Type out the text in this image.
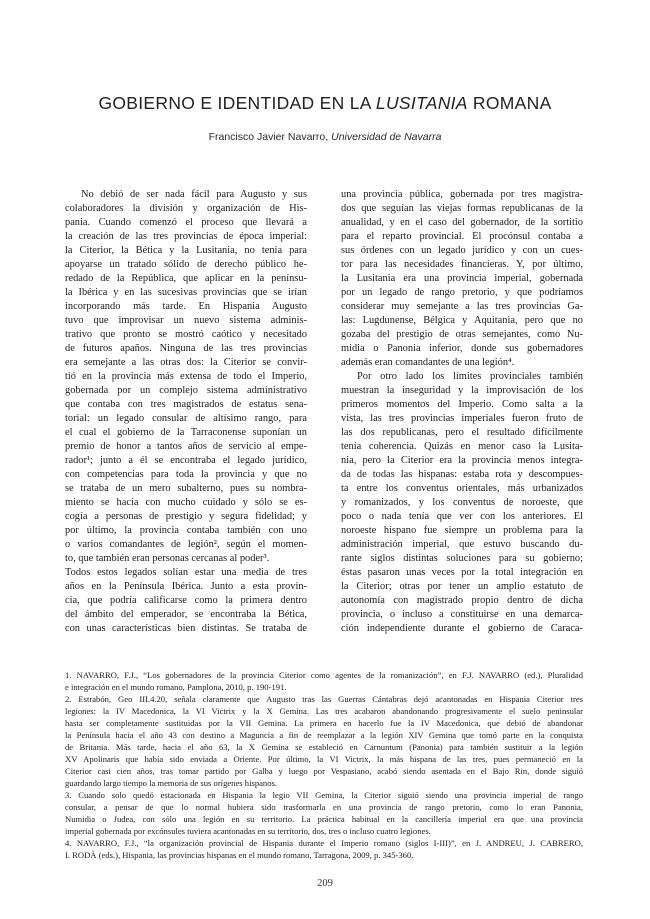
GOBIERNO E IDENTIDAD EN LA LUSITANIA ROMANA
Francisco Javier Navarro, Universidad de Navarra
No debió de ser nada fácil para Augusto y sus
colaboradores la división y organización de His-
pania. Cuando comenzó el proceso que llevará a
la creación de las tres provincias de época imperial:
la Citerior, la Bética y la Lusitania, no tenía para
apoyarse un tratado sólido de derecho público he-
redado de la República, que aplicar en la penínsu-
la Ibérica y en las sucesivas provincias que se irían
incorporando más tarde. En Hispania Augusto
tuvo que improvisar un nuevo sistema adminis-
trativo que pronto se mostró caótico y necesitado
de futuros apaños. Ninguna de las tres provincias
era semejante a las otras dos: la Citerior se convir-
tió en la provincia más extensa de todo el Imperio,
gobernada por un complejo sistema administrativo
que contaba con tres magistrados de estatus sena-
torial: un legado consular de altísimo rango, para
el cual el gobierno de la Tarraconense suponían un
premio de honor a tantos años de servicio al empe-
rador¹; junto a él se encontraba el legado jurídico,
con competencias para toda la provincia y que no
se trataba de un mero subalterno, pues su nombra-
miento se hacía con mucho cuidado y sólo se es-
cogía a personas de prestigio y segura fidelidad; y
por último, la provincia contaba también con uno
o varios comandantes de legión², según el momen-
to, que también eran personas cercanas al poder³.
Todos estos legados solían estar una media de tres
años en la Península Ibérica. Junto a esta provin-
cia, que podría calificarse como la primera dentro
del ámbito del emperador, se encontraba la Bética,
con unas características bien distintas. Se trataba de
una provincia pública, gobernada por tres magistra-
dos que seguían las viejas formas republicanas de la
anualidad, y en el caso del gobernador, de la sortitio
para el reparto provincial. El procónsul contaba a
sus órdenes con un legado jurídico y con un cues-
tor para las necesidades financieras. Y, por último,
la Lusitania era una provincia imperial, gobernada
por un legado de rango pretorio, y que podríamos
considerar muy semejante a las tres provincias Ga-
las: Lugdunense, Bélgica y Aquitania, pero que no
gozaba del prestigio de otras semejantes, como Nu-
midia o Panonia inferior, donde sus gobernadores
además eran comandantes de una legión⁴.
Por otro lado los límites provinciales también
muestran la inseguridad y la improvisación de los
primeros momentos del Imperio. Como salta a la
vista, las tres provincias imperiales fueron fruto de
las dos republicanas, pero el resultado difícilmente
tenía coherencia. Quizás en menor caso la Lusita-
nia, pero la Citerior era la provincia menos integra-
da de todas las hispanas: estaba rota y descompues-
ta entre los conventus orientales, más urbanizados
y romanizados, y los conventus de noroeste, que
poco o nada tenía que ver con los anteriores. El
noroeste hispano fue siempre un problema para la
administración imperial, que estuvo buscando du-
rante siglos distintas soluciones para su gobierno;
éstas pasaron unas veces por la total integración en
la Citerior; otras por tener un amplio estatuto de
autonomía con magistrado propio dentro de dicha
provincia, o incluso a constituirse en una demarca-
ción independiente durante el gobierno de Caraca-
1. NAVARRO, F.J., “Los gobernadores de la provincia Citerior como agentes de la romanización”, en F.J. NAVARRO (ed.), Pluralidad
e integración en el mundo romano, Pamplona, 2010, p. 190-191.
2. Estrabón, Geo III.4.20, señala claramente que Augusto tras las Guerras Cántabras dejó acantonadas en Hispania Citerior tres
legiones: la IV Macedonica, la VI Victrix y la X Gemina. Las tres acabaron abandonando progresivamente el suelo peninsular
hasta ser completamente sustituidas por la VII Gemina. La primera en hacerlo fue la IV Macedonica, que debió de abandonar
la Península hacia el año 43 con destino a Maguncia a fin de reemplazar a la legión XIV Gemina que tomó parte en la conquista
de Britania. Más tarde, hacia el año 63, la X Gemina se estableció en Carnuntum (Panonia) para también sustituir a la legión
XV Apolinaris que había sido enviada a Oriente. Por último, la VI Victrix, la más hispana de las tres, pues permaneció en la
Citerior casi cien años, tras tomar partido por Galba y luego por Vespasiano, acabó siendo asentada en el Bajo Rin, donde siguió
guardando largo tiempo la memoria de sus orígenes hispanos.
3. Cuando solo quedó estacionada en Hispania la legio VII Gemina, la Citerior siguió siendo una provincia imperial de rango
consular, a pensar de que lo normal hubiera sido trasformarla en una provincia de rango pretorio, como lo eran Panonia,
Numidia o Judea, con sólo una legión en su territorio. La práctica habitual en la cancillería imperial era que una provincia
imperial gobernada por excónsules tuviera acantonadas en su territorio, dos, tres o incluso cuatro legiones.
4. NAVARRO, F.J., “la organización provincial de Hispania durante el Imperio romano (siglos I-III)”, en J. ANDREU, J. CABRERO,
I. RODÀ (eds.), Hispania, las provincias hispanas en el mundo romano, Tarragona, 2009, p. 345-360.
209
